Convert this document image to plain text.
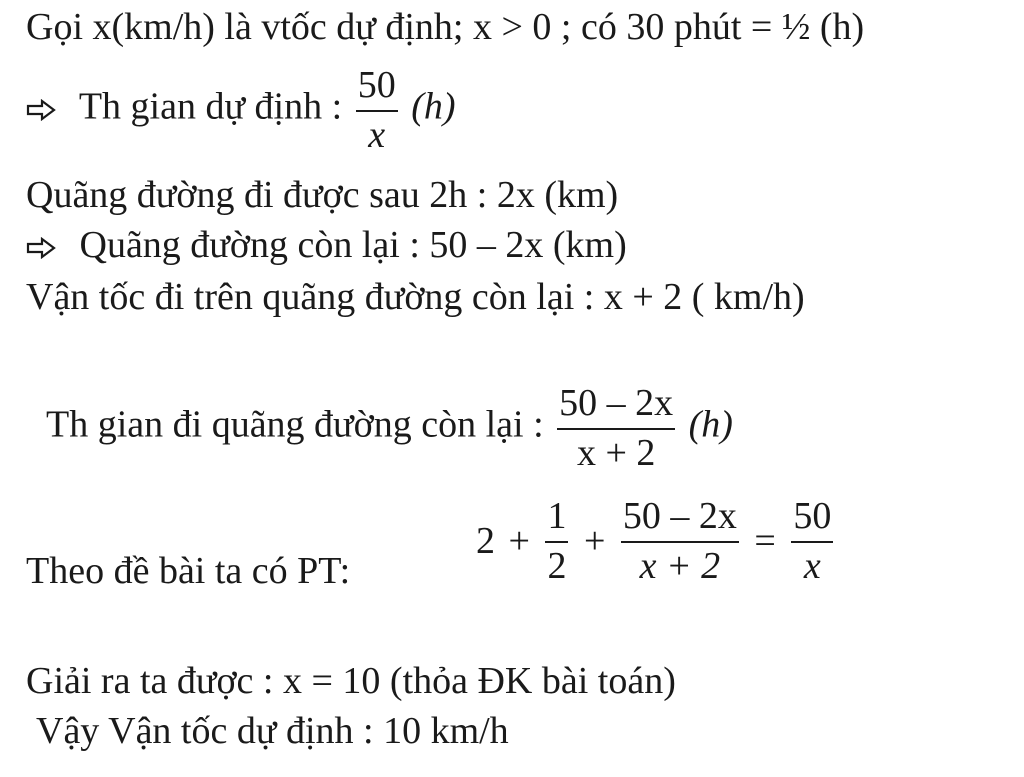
Gọi x(km/h) là vtốc dự định; x > 0 ; có 30 phút = ½ (h)
Th gian dự định : $\frac{50}{x} (h)$
Quãng đường đi được sau 2h : 2x (km)
Quãng đường còn lại : 50 – 2x (km)
Vận tốc đi trên quãng đường còn lại : x + 2 ( km/h)
Th gian đi quãng đường còn lại : $\frac{50 - 2x}{x + 2} (h)$
Theo đề bài ta có PT:
$2 + \frac{1}{2} + \frac{50 - 2x}{x + 2} = \frac{50}{x}$
Giải ra ta được : x = 10 (thỏa ĐK bài toán)
Vậy Vận tốc dự định : 10 km/h
